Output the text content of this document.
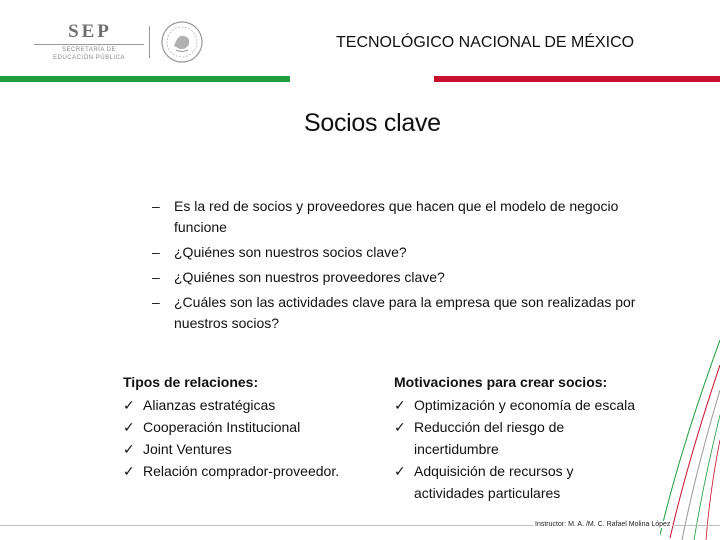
SEP
SECRETARÍA DE
EDUCACIÓN PÚBLICA
TECNOLÓGICO NACIONAL DE MÉXICO
Socios clave
– Es la red de socios y proveedores que hacen que el modelo de negocio funcione
– ¿Quiénes son nuestros socios clave?
– ¿Quiénes son nuestros proveedores clave?
– ¿Cuáles son las actividades clave para la empresa que son realizadas por nuestros socios?
Tipos de relaciones:
✓ Alianzas estratégicas
✓ Cooperación Institucional
✓ Joint Ventures
✓ Relación comprador-proveedor.
Motivaciones para crear socios:
✓ Optimización y economía de escala
✓ Reducción del riesgo de incertidumbre
✓ Adquisición de recursos y actividades particulares
Instructor: M. A. /M. C. Rafael Molina López
